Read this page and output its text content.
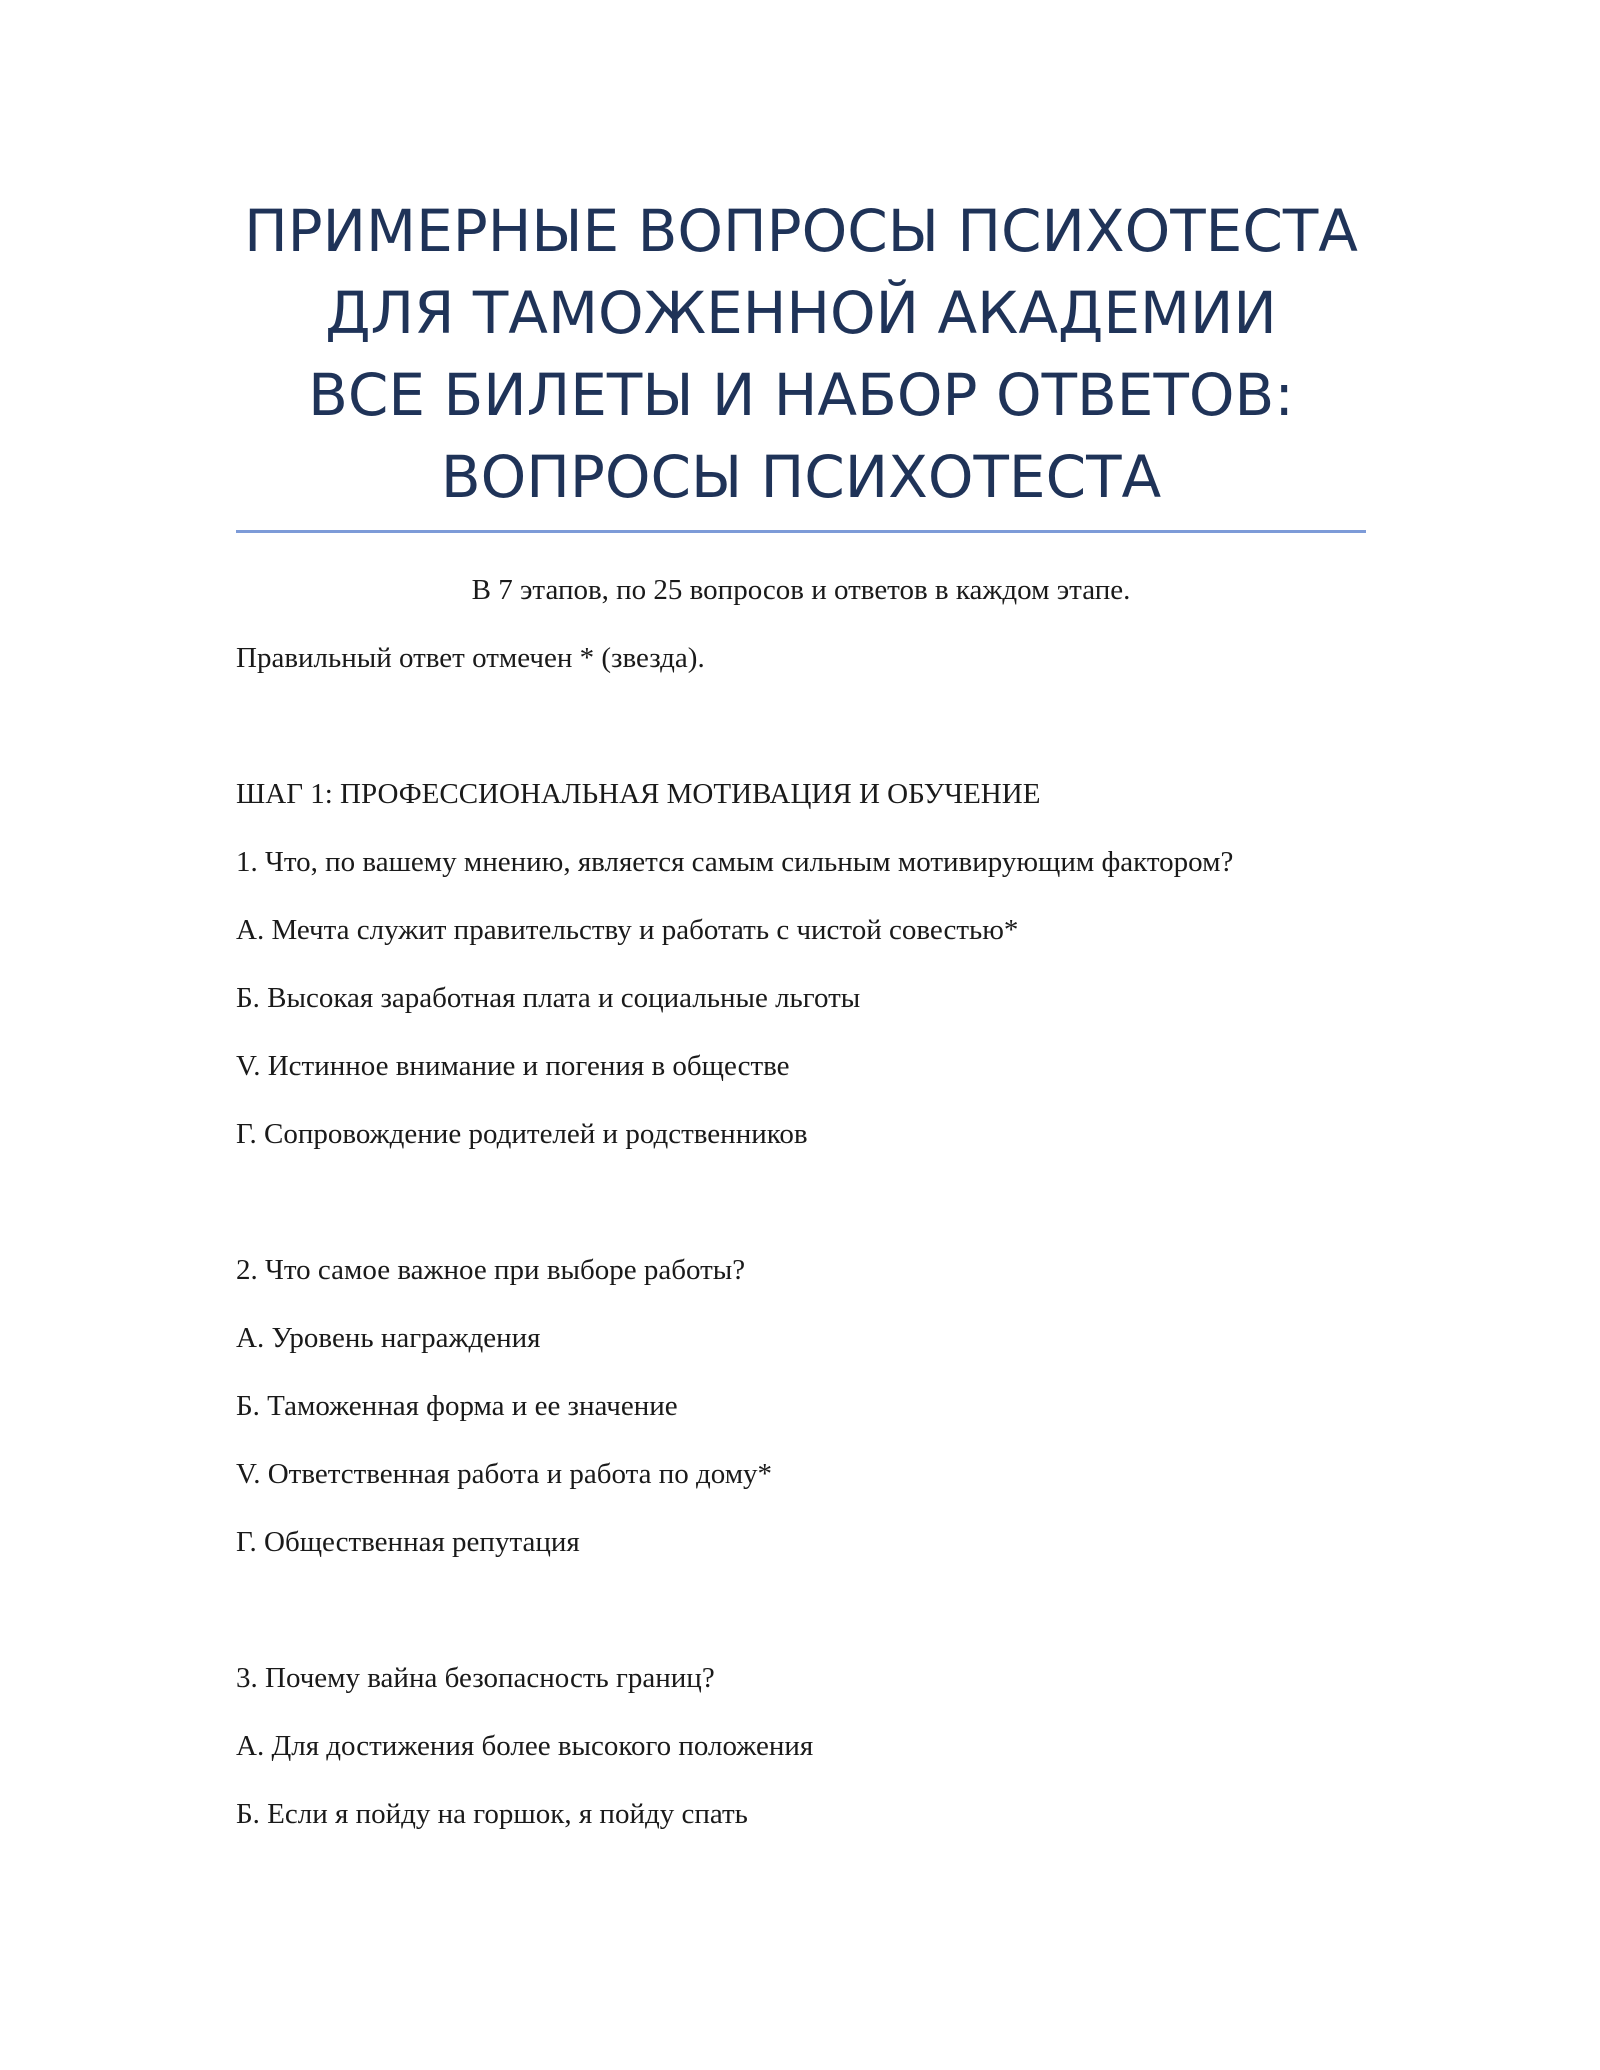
ПРИМЕРНЫЕ ВОПРОСЫ ПСИХОТЕСТА
ДЛЯ ТАМОЖЕННОЙ АКАДЕМИИ
ВСЕ БИЛЕТЫ И НАБОР ОТВЕТОВ:
ВОПРОСЫ ПСИХОТЕСТА
В 7 этапов, по 25 вопросов и ответов в каждом этапе.
Правильный ответ отмечен * (звезда).
ШАГ 1: ПРОФЕССИОНАЛЬНАЯ МОТИВАЦИЯ И ОБУЧЕНИЕ
1. Что, по вашему мнению, является самым сильным мотивирующим фактором?
А. Мечта служит правительству и работать с чистой совестью*
Б. Высокая заработная плата и социальные льготы
V. Истинное внимание и погения в обществе
Г. Сопровождение родителей и родственников
2. Что самое важное при выборе работы?
А. Уровень награждения
Б. Таможенная форма и ее значение
V. Ответственная работа и работа по дому*
Г. Общественная репутация
3. Почему вайна безопасность границ?
А. Для достижения более высокого положения
Б. Если я пойду на горшок, я пойду спать
